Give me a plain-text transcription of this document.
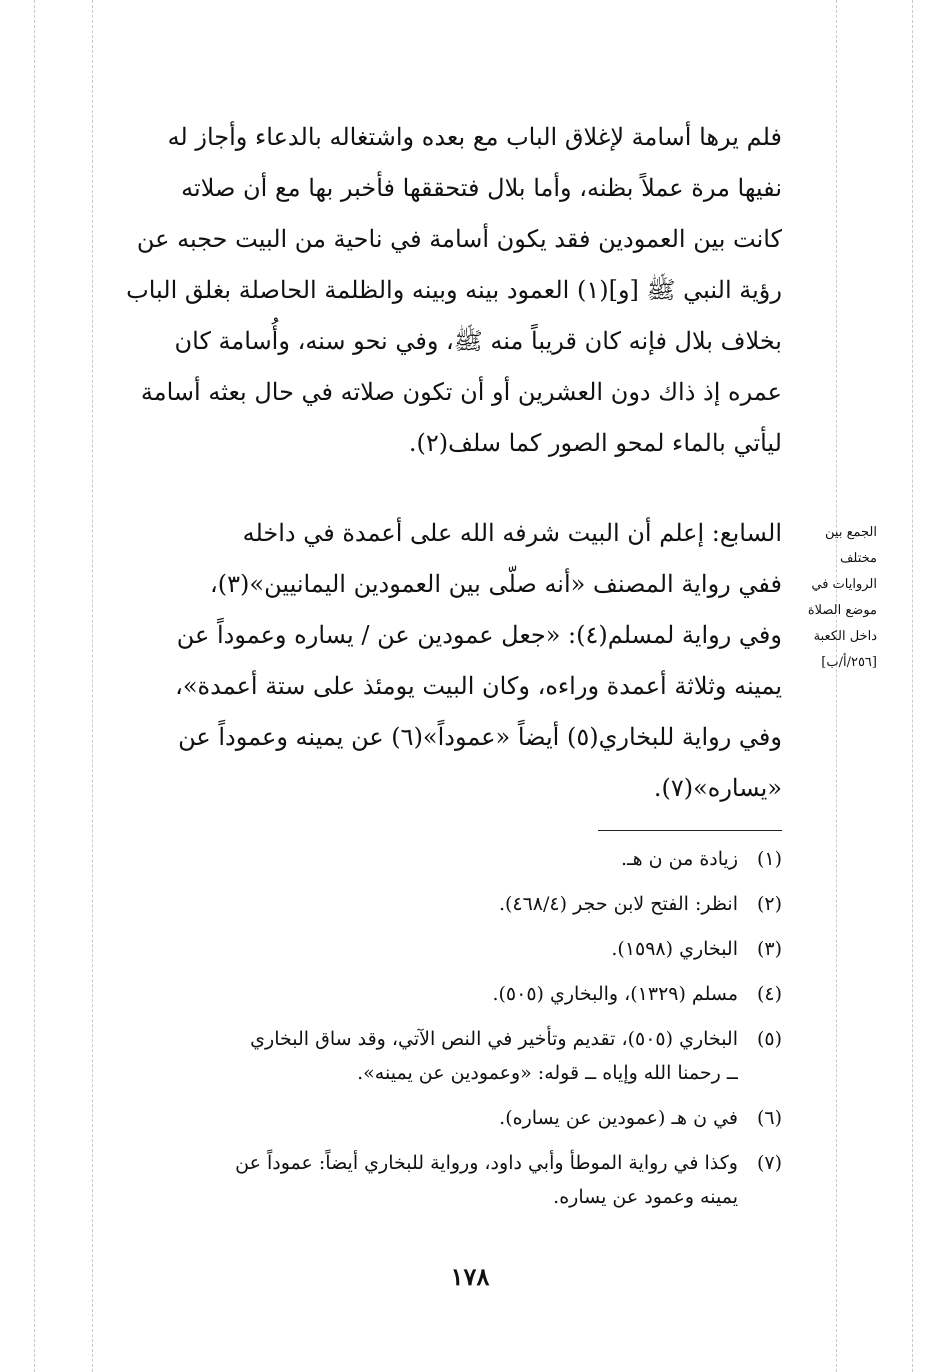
فلم يرها أسامة لإغلاق الباب مع بعده واشتغاله بالدعاء وأجاز له
نفيها مرة عملاً بظنه، وأما بلال فتحققها فأخبر بها مع أن صلاته
كانت بين العمودين فقد يكون أسامة في ناحية من البيت حجبه عن
رؤية النبي ﷺ [و](١) العمود بينه وبينه والظلمة الحاصلة بغلق الباب
بخلاف بلال فإنه كان قريباً منه ﷺ، وفي نحو سنه، وأُسامة كان
عمره إذ ذاك دون العشرين أو أن تكون صلاته في حال بعثه أسامة
ليأتي بالماء لمحو الصور كما سلف(٢).
الجمع بين
مختلف
الروايات في
موضع الصلاة
داخل الكعبة
[٢٥٦/أ/ب]
السابع: إعلم أن البيت شرفه الله على أعمدة في داخله
ففي رواية المصنف «أنه صلّى بين العمودين اليمانيين»(٣)،
وفي رواية لمسلم(٤): «جعل عمودين عن / يساره وعموداً عن
يمينه وثلاثة أعمدة وراءه، وكان البيت يومئذ على ستة أعمدة»،
وفي رواية للبخاري(٥) أيضاً «عموداً»(٦) عن يمينه وعموداً عن
«يساره»(٧).
(١)
زيادة من ن هـ.
(٢)
انظر: الفتح لابن حجر (٤٦٨/٤).
(٣)
البخاري (١٥٩٨).
(٤)
مسلم (١٣٢٩)، والبخاري (٥٠٥).
(٥)
البخاري (٥٠٥)، تقديم وتأخير في النص الآتي، وقد ساق البخاري
ــ رحمنا الله وإياه ــ قوله: «وعمودين عن يمينه».
(٦)
في ن هـ (عمودين عن يساره).
(٧)
وكذا في رواية الموطأ وأبي داود، ورواية للبخاري أيضاً: عموداً عن
يمينه وعمود عن يساره.
١٧٨
